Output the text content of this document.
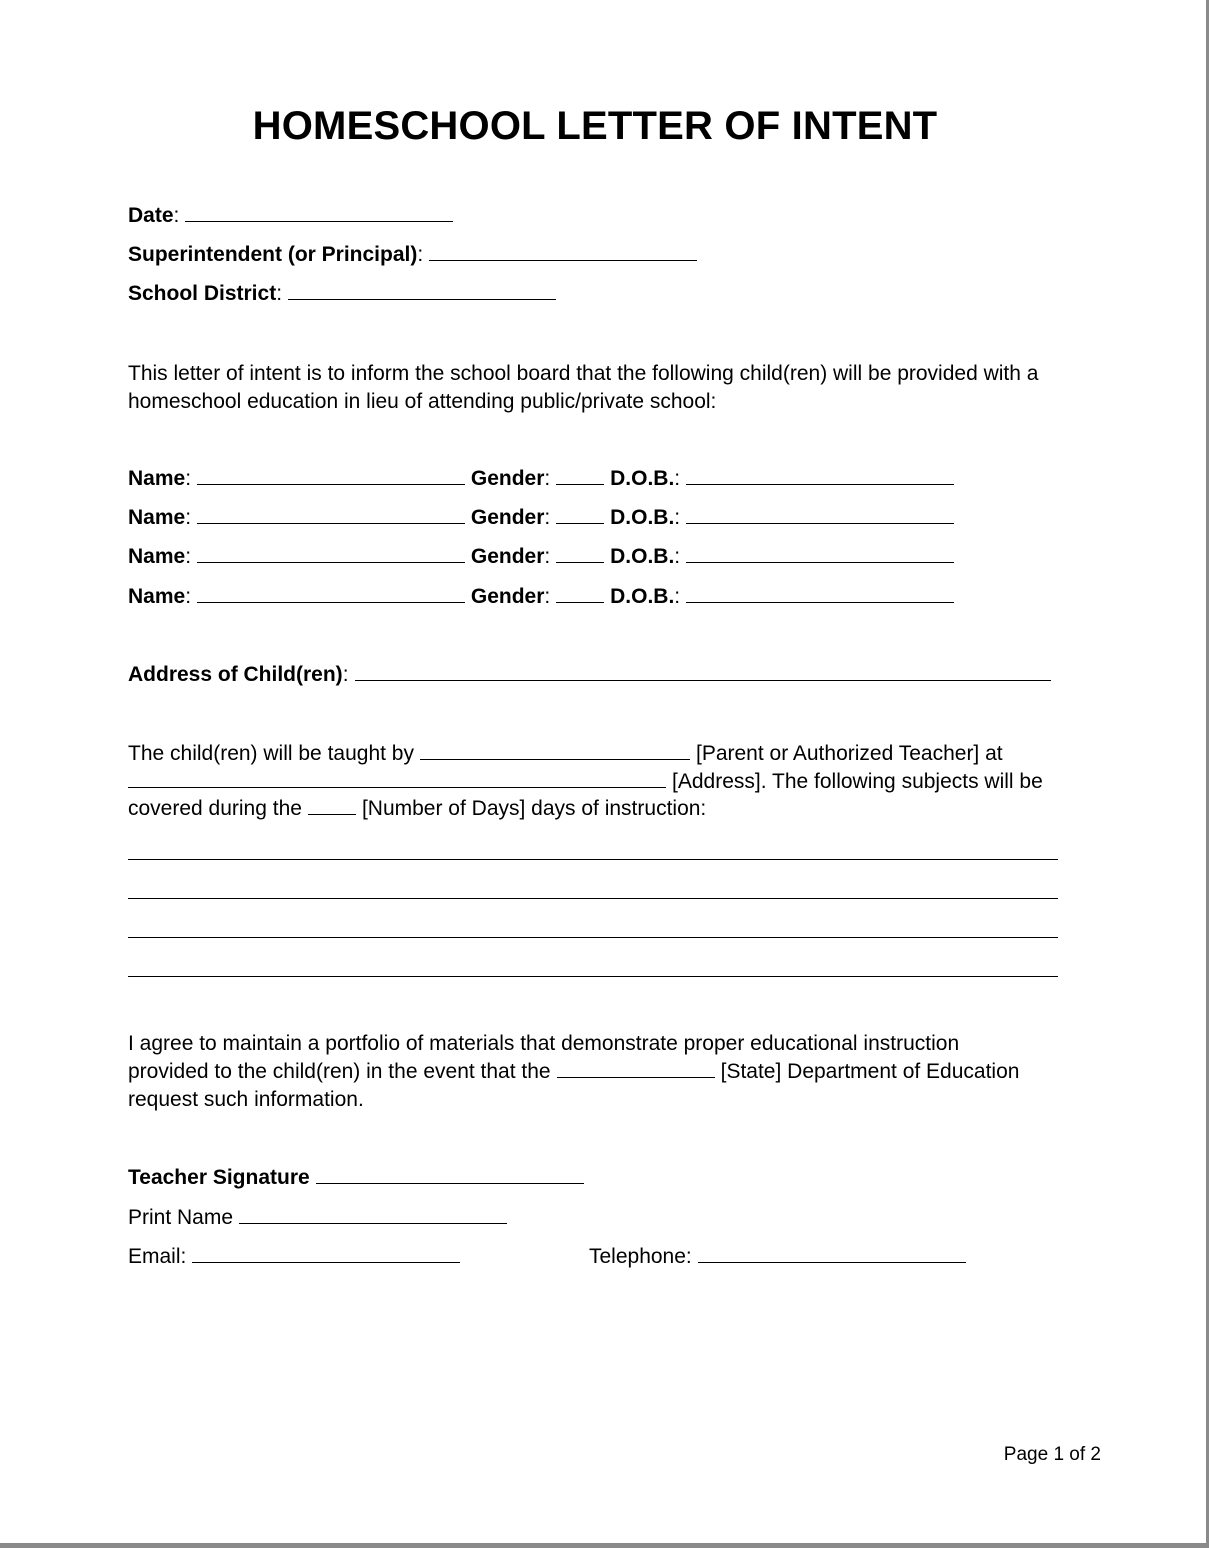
HOMESCHOOL LETTER OF INTENT
Date:
Superintendent (or Principal):
School District:
This letter of intent is to inform the school board that the following child(ren) will be provided with a homeschool education in lieu of attending public/private school:
Name:	Gender:	D.O.B.:
Name:	Gender:	D.O.B.:
Name:	Gender:	D.O.B.:
Name:	Gender:	D.O.B.:
Address of Child(ren):
The child(ren) will be taught by	[Parent or Authorized Teacher] at
[Address]. The following subjects will be
covered during the	[Number of Days] days of instruction:
I agree to maintain a portfolio of materials that demonstrate proper educational instruction
provided to the child(ren) in the event that the	[State] Department of Education
request such information.
Teacher Signature
Print Name
Email:	Telephone:
Page 1 of 2
